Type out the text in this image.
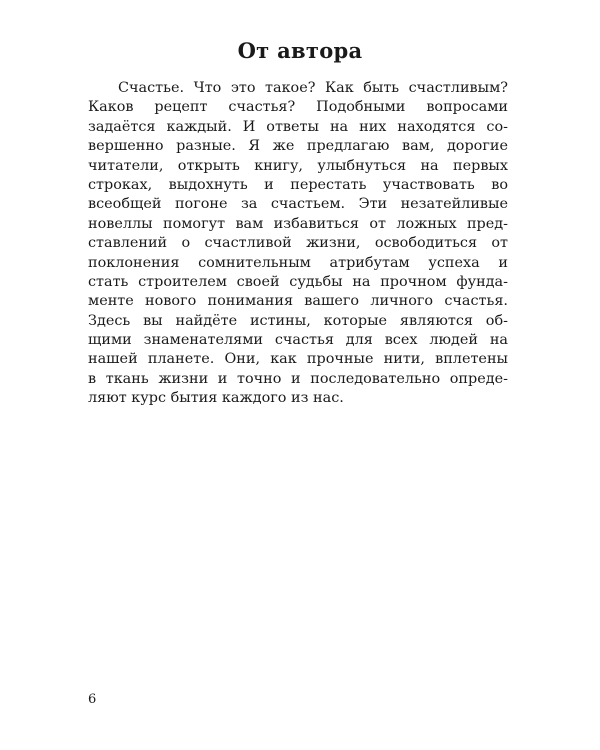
От автора
Счастье. Что это такое? Как быть счастливым?
Каков рецепт счастья? Подобными вопросами
задаётся каждый. И ответы на них находятся со-
вершенно разные. Я же предлагаю вам, дорогие
читатели, открыть книгу, улыбнуться на первых
строках, выдохнуть и перестать участвовать во
всеобщей погоне за счастьем. Эти незатейливые
новеллы помогут вам избавиться от ложных пред-
ставлений о счастливой жизни, освободиться от
поклонения сомнительным атрибутам успеха и
стать строителем своей судьбы на прочном фунда-
менте нового понимания вашего личного счастья.
Здесь вы найдёте истины, которые являются об-
щими знаменателями счастья для всех людей на
нашей планете. Они, как прочные нити, вплетены
в ткань жизни и точно и последовательно опреде-
ляют курс бытия каждого из нас.
6
